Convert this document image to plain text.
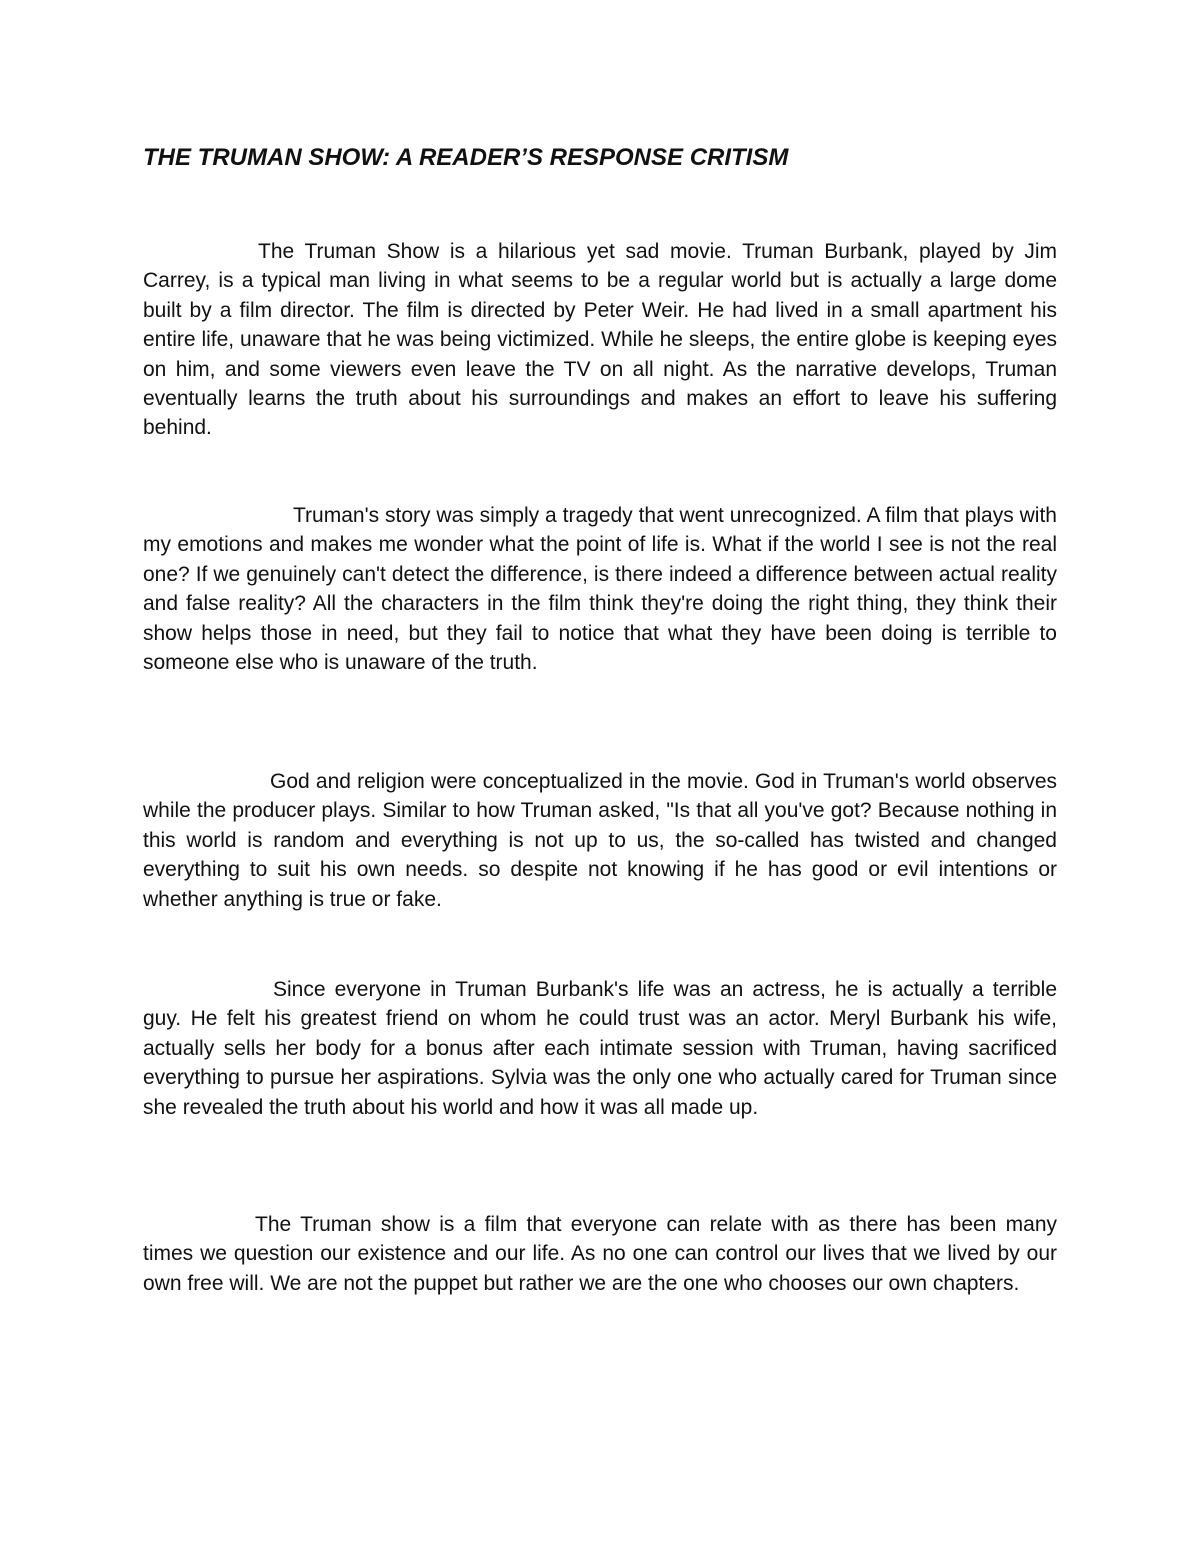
THE TRUMAN SHOW: A READER’S RESPONSE CRITISM

The Truman Show is a hilarious yet sad movie. Truman Burbank, played by Jim Carrey, is a typical man living in what seems to be a regular world but is actually a large dome built by a film director. The film is directed by Peter Weir. He had lived in a small apartment his entire life, unaware that he was being victimized. While he sleeps, the entire globe is keeping eyes on him, and some viewers even leave the TV on all night. As the narrative develops, Truman eventually learns the truth about his surroundings and makes an effort to leave his suffering behind.

Truman's story was simply a tragedy that went unrecognized. A film that plays with my emotions and makes me wonder what the point of life is. What if the world I see is not the real one? If we genuinely can't detect the difference, is there indeed a difference between actual reality and false reality? All the characters in the film think they're doing the right thing, they think their show helps those in need, but they fail to notice that what they have been doing is terrible to someone else who is unaware of the truth.

God and religion were conceptualized in the movie. God in Truman's world observes while the producer plays. Similar to how Truman asked, "Is that all you've got? Because nothing in this world is random and everything is not up to us, the so-called has twisted and changed everything to suit his own needs. so despite not knowing if he has good or evil intentions or whether anything is true or fake.

Since everyone in Truman Burbank's life was an actress, he is actually a terrible guy. He felt his greatest friend on whom he could trust was an actor. Meryl Burbank his wife, actually sells her body for a bonus after each intimate session with Truman, having sacrificed everything to pursue her aspirations. Sylvia was the only one who actually cared for Truman since she revealed the truth about his world and how it was all made up.

The Truman show is a film that everyone can relate with as there has been many times we question our existence and our life. As no one can control our lives that we lived by our own free will. We are not the puppet but rather we are the one who chooses our own chapters.
